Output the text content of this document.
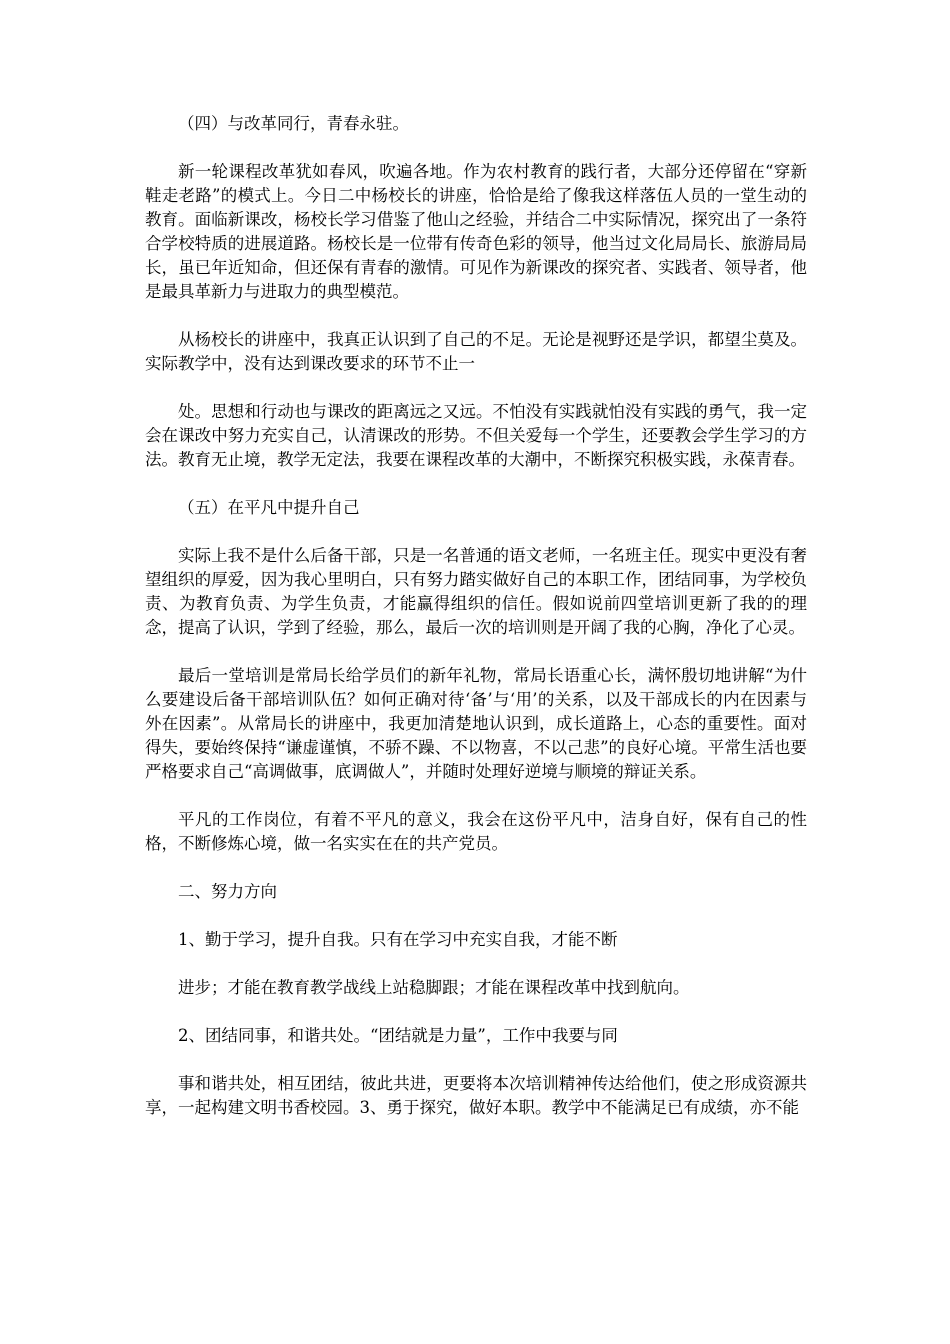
（四）与改革同行，青春永驻。

新一轮课程改革犹如春风，吹遍各地。作为农村教育的践行者，大部分还停留在“穿新鞋走老路”的模式上。今日二中杨校长的讲座，恰恰是给了像我这样落伍人员的一堂生动的教育。面临新课改，杨校长学习借鉴了他山之经验，并结合二中实际情况，探究出了一条符合学校特质的进展道路。杨校长是一位带有传奇色彩的领导，他当过文化局局长、旅游局局长，虽已年近知命，但还保有青春的激情。可见作为新课改的探究者、实践者、领导者，他是最具革新力与进取力的典型模范。

从杨校长的讲座中，我真正认识到了自己的不足。无论是视野还是学识，都望尘莫及。实际教学中，没有达到课改要求的环节不止一

处。思想和行动也与课改的距离远之又远。不怕没有实践就怕没有实践的勇气，我一定会在课改中努力充实自己，认清课改的形势。不但关爱每一个学生，还要教会学生学习的方法。教育无止境，教学无定法，我要在课程改革的大潮中，不断探究积极实践，永葆青春。

（五）在平凡中提升自己

实际上我不是什么后备干部，只是一名普通的语文老师，一名班主任。现实中更没有奢望组织的厚爱，因为我心里明白，只有努力踏实做好自己的本职工作，团结同事，为学校负责、为教育负责、为学生负责，才能赢得组织的信任。假如说前四堂培训更新了我的的理念，提高了认识，学到了经验，那么，最后一次的培训则是开阔了我的心胸，净化了心灵。

最后一堂培训是常局长给学员们的新年礼物，常局长语重心长，满怀殷切地讲解“为什么要建设后备干部培训队伍？如何正确对待‘备’与‘用’的关系，以及干部成长的内在因素与外在因素”。从常局长的讲座中，我更加清楚地认识到，成长道路上，心态的重要性。面对得失，要始终保持“谦虚谨慎，不骄不躁、不以物喜，不以己悲”的良好心境。平常生活也要严格要求自己“高调做事，底调做人”，并随时处理好逆境与顺境的辩证关系。

平凡的工作岗位，有着不平凡的意义，我会在这份平凡中，洁身自好，保有自己的性格，不断修炼心境，做一名实实在在的共产党员。

二、努力方向

1、勤于学习，提升自我。只有在学习中充实自我，才能不断

进步；才能在教育教学战线上站稳脚跟；才能在课程改革中找到航向。

2、团结同事，和谐共处。“团结就是力量”，工作中我要与同

事和谐共处，相互团结，彼此共进，更要将本次培训精神传达给他们，使之形成资源共享，一起构建文明书香校园。3、勇于探究，做好本职。教学中不能满足已有成绩，亦不能
